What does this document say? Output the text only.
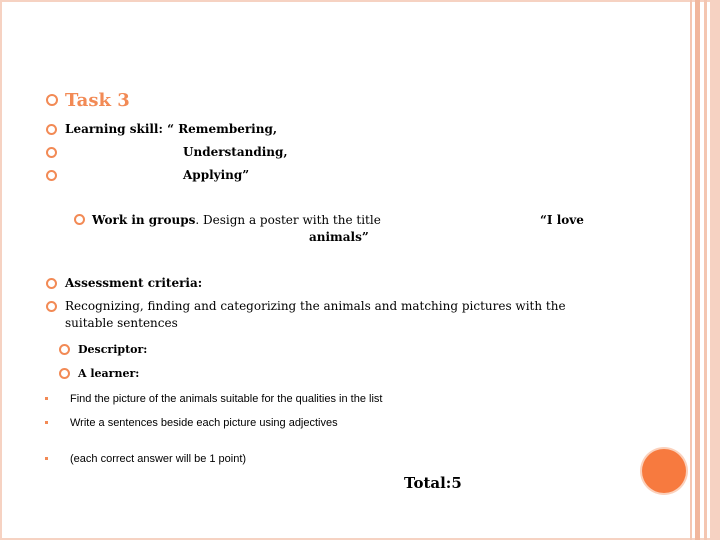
Task 3
Learning skill: “ Remembering,
Understanding,
Applying”
Work in groups. Design a poster with the title	“I love
animals”
Assessment criteria:
Recognizing, finding and categorizing the animals and matching pictures with the
suitable sentences
Descriptor:
A learner:
Find the picture of the animals suitable for the qualities in the list
Write a sentences beside each picture using adjectives
(each correct answer will be 1 point)
Total:5
